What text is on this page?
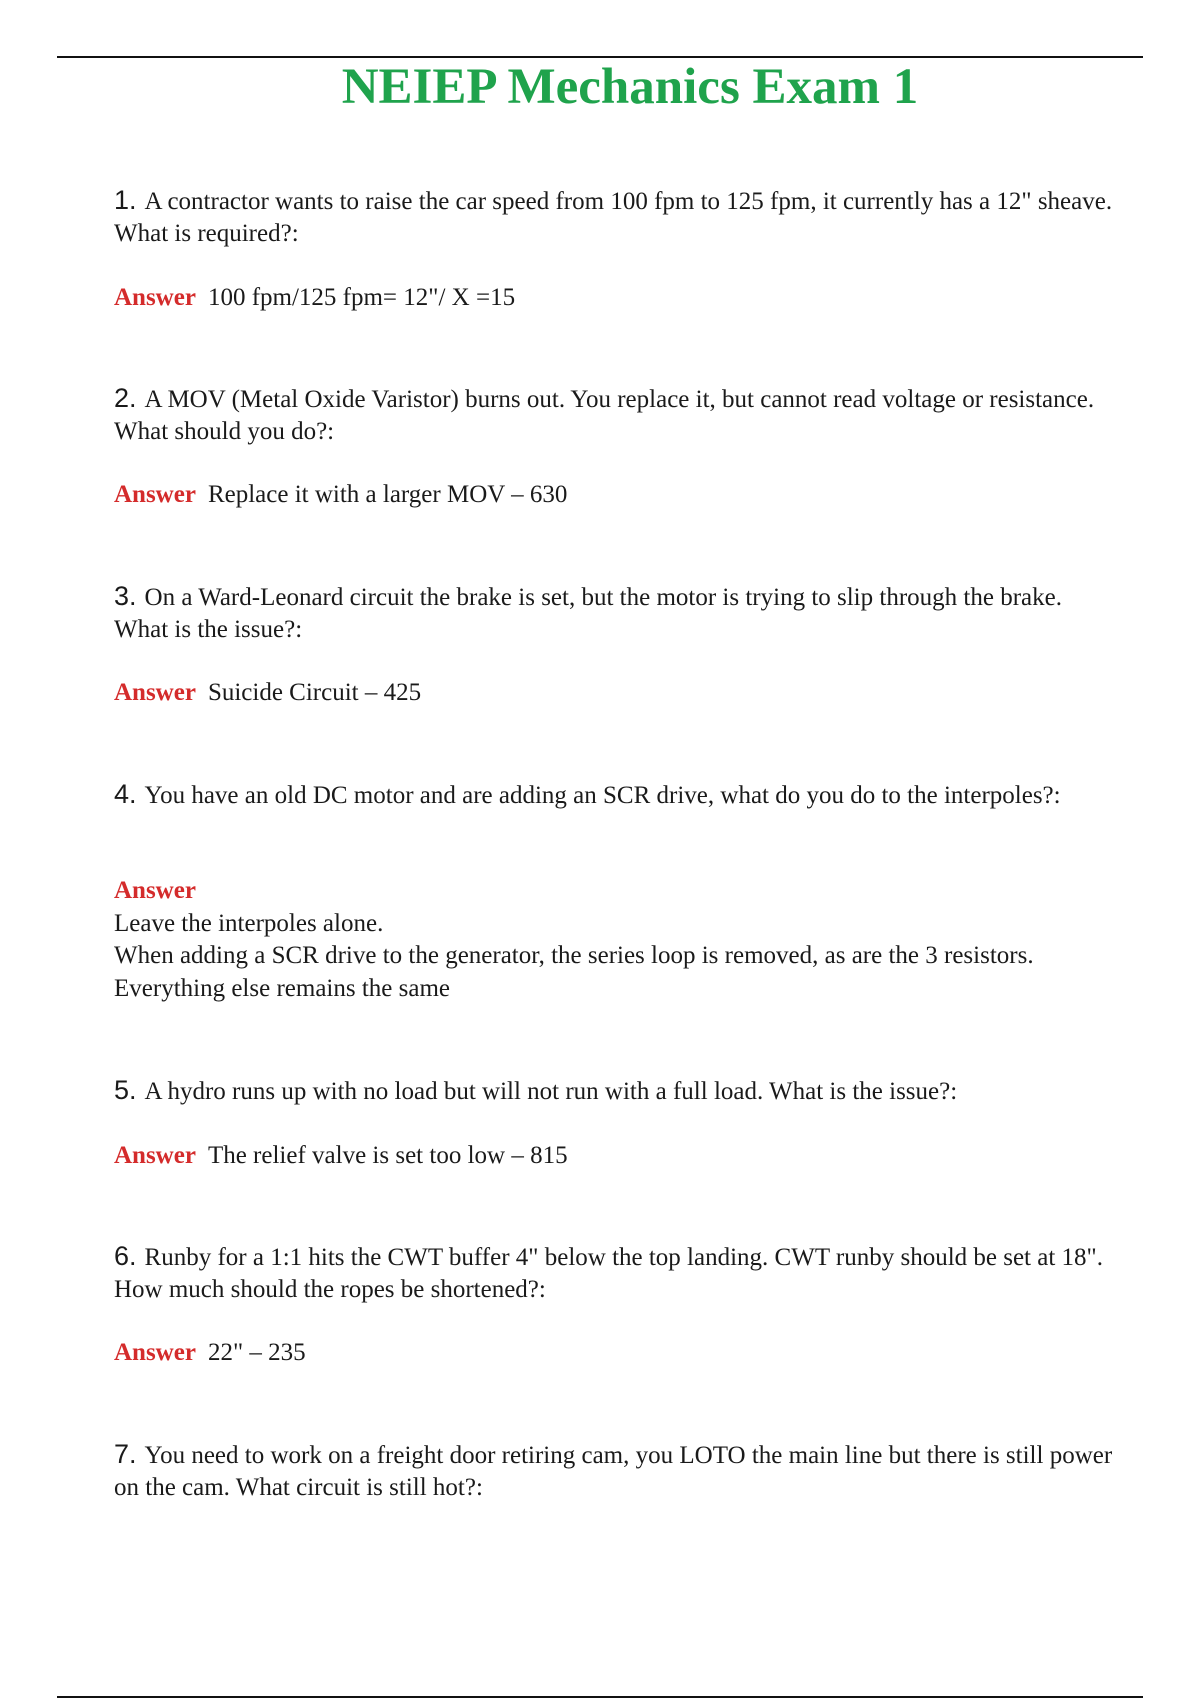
NEIEP Mechanics Exam 1

1. A contractor wants to raise the car speed from 100 fpm to 125 fpm, it currently has a 12" sheave. What is required?:

Answer 100 fpm/125 fpm= 12"/ X =15

2. A MOV (Metal Oxide Varistor) burns out. You replace it, but cannot read voltage or resistance. What should you do?:

Answer Replace it with a larger MOV – 630

3. On a Ward-Leonard circuit the brake is set, but the motor is trying to slip through the brake. What is the issue?:

Answer Suicide Circuit – 425

4. You have an old DC motor and are adding an SCR drive, what do you do to the interpoles?:

Answer

Leave the interpoles alone.

When adding a SCR drive to the generator, the series loop is removed, as are the 3 resistors.

Everything else remains the same

5. A hydro runs up with no load but will not run with a full load. What is the issue?:

Answer The relief valve is set too low – 815

6. Runby for a 1:1 hits the CWT buffer 4" below the top landing. CWT runby should be set at 18". How much should the ropes be shortened?:

Answer 22" – 235

7. You need to work on a freight door retiring cam, you LOTO the main line but there is still power on the cam. What circuit is still hot?:
